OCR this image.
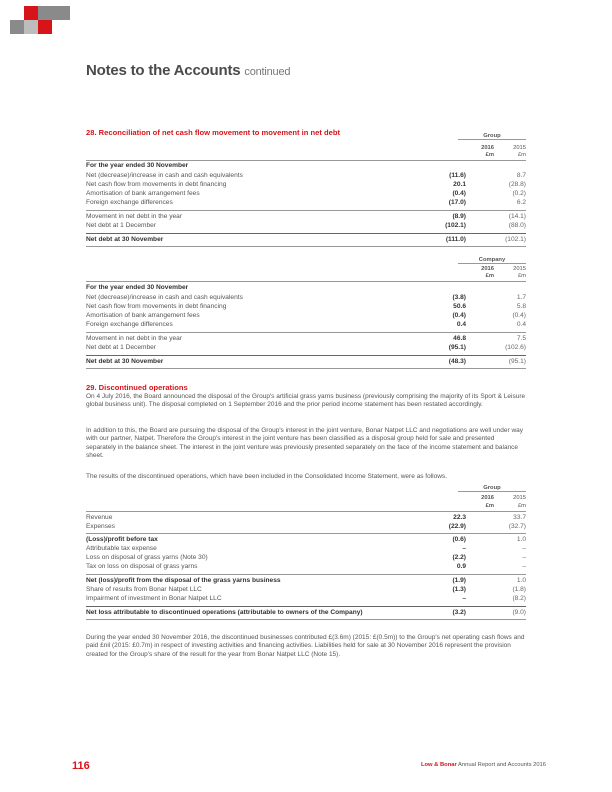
Notes to the Accounts continued
28. Reconciliation of net cash flow movement to movement in net debt	Group
2016	2015
£m	£m
For the year ended 30 November
Net (decrease)/increase in cash and cash equivalents	(11.6)	8.7
Net cash flow from movements in debt financing	20.1	(28.8)
Amortisation of bank arrangement fees	(0.4)	(0.2)
Foreign exchange differences	(17.0)	6.2
Movement in net debt in the year	(8.9)	(14.1)
Net debt at 1 December	(102.1)	(88.0)
Net debt at 30 November	(111.0)	(102.1)
Company
2016	2015
£m	£m
For the year ended 30 November
Net (decrease)/increase in cash and cash equivalents	(3.8)	1.7
Net cash flow from movements in debt financing	50.6	5.8
Amortisation of bank arrangement fees	(0.4)	(0.4)
Foreign exchange differences	0.4	0.4
Movement in net debt in the year	46.8	7.5
Net debt at 1 December	(95.1)	(102.6)
Net debt at 30 November	(48.3)	(95.1)
29. Discontinued operations
On 4 July 2016, the Board announced the disposal of the Group's artificial grass yarns business (previously comprising the majority of its Sport & Leisure global business unit). The disposal completed on 1 September 2016 and the prior period income statement has been restated accordingly.
In addition to this, the Board are pursuing the disposal of the Group's interest in the joint venture, Bonar Natpet LLC and negotiations are well under way with our partner, Natpet. Therefore the Group's interest in the joint venture has been classified as a disposal group held for sale and presented separately in the balance sheet. The interest in the joint venture was previously presented separately on the face of the income statement and balance sheet.
The results of the discontinued operations, which have been included in the Consolidated Income Statement, were as follows.
Group
2016	2015
£m	£m
Revenue	22.3	33.7
Expenses	(22.9)	(32.7)
(Loss)/profit before tax	(0.6)	1.0
Attributable tax expense	–	–
Loss on disposal of grass yarns (Note 30)	(2.2)	–
Tax on loss on disposal of grass yarns	0.9	–
Net (loss)/profit from the disposal of the grass yarns business	(1.9)	1.0
Share of results from Bonar Natpet LLC	(1.3)	(1.8)
Impairment of investment in Bonar Natpet LLC	–	(8.2)
Net loss attributable to discontinued operations (attributable to owners of the Company)	(3.2)	(9.0)
During the year ended 30 November 2016, the discontinued businesses contributed £(3.6m) (2015: £(0.5m)) to the Group's net operating cash flows and paid £nil (2015: £0.7m) in respect of investing activities and financing activities. Liabilities held for sale at 30 November 2016 represent the provision created for the Group's share of the result for the year from Bonar Natpet LLC (Note 15).
116	Low & Bonar Annual Report and Accounts 2016
